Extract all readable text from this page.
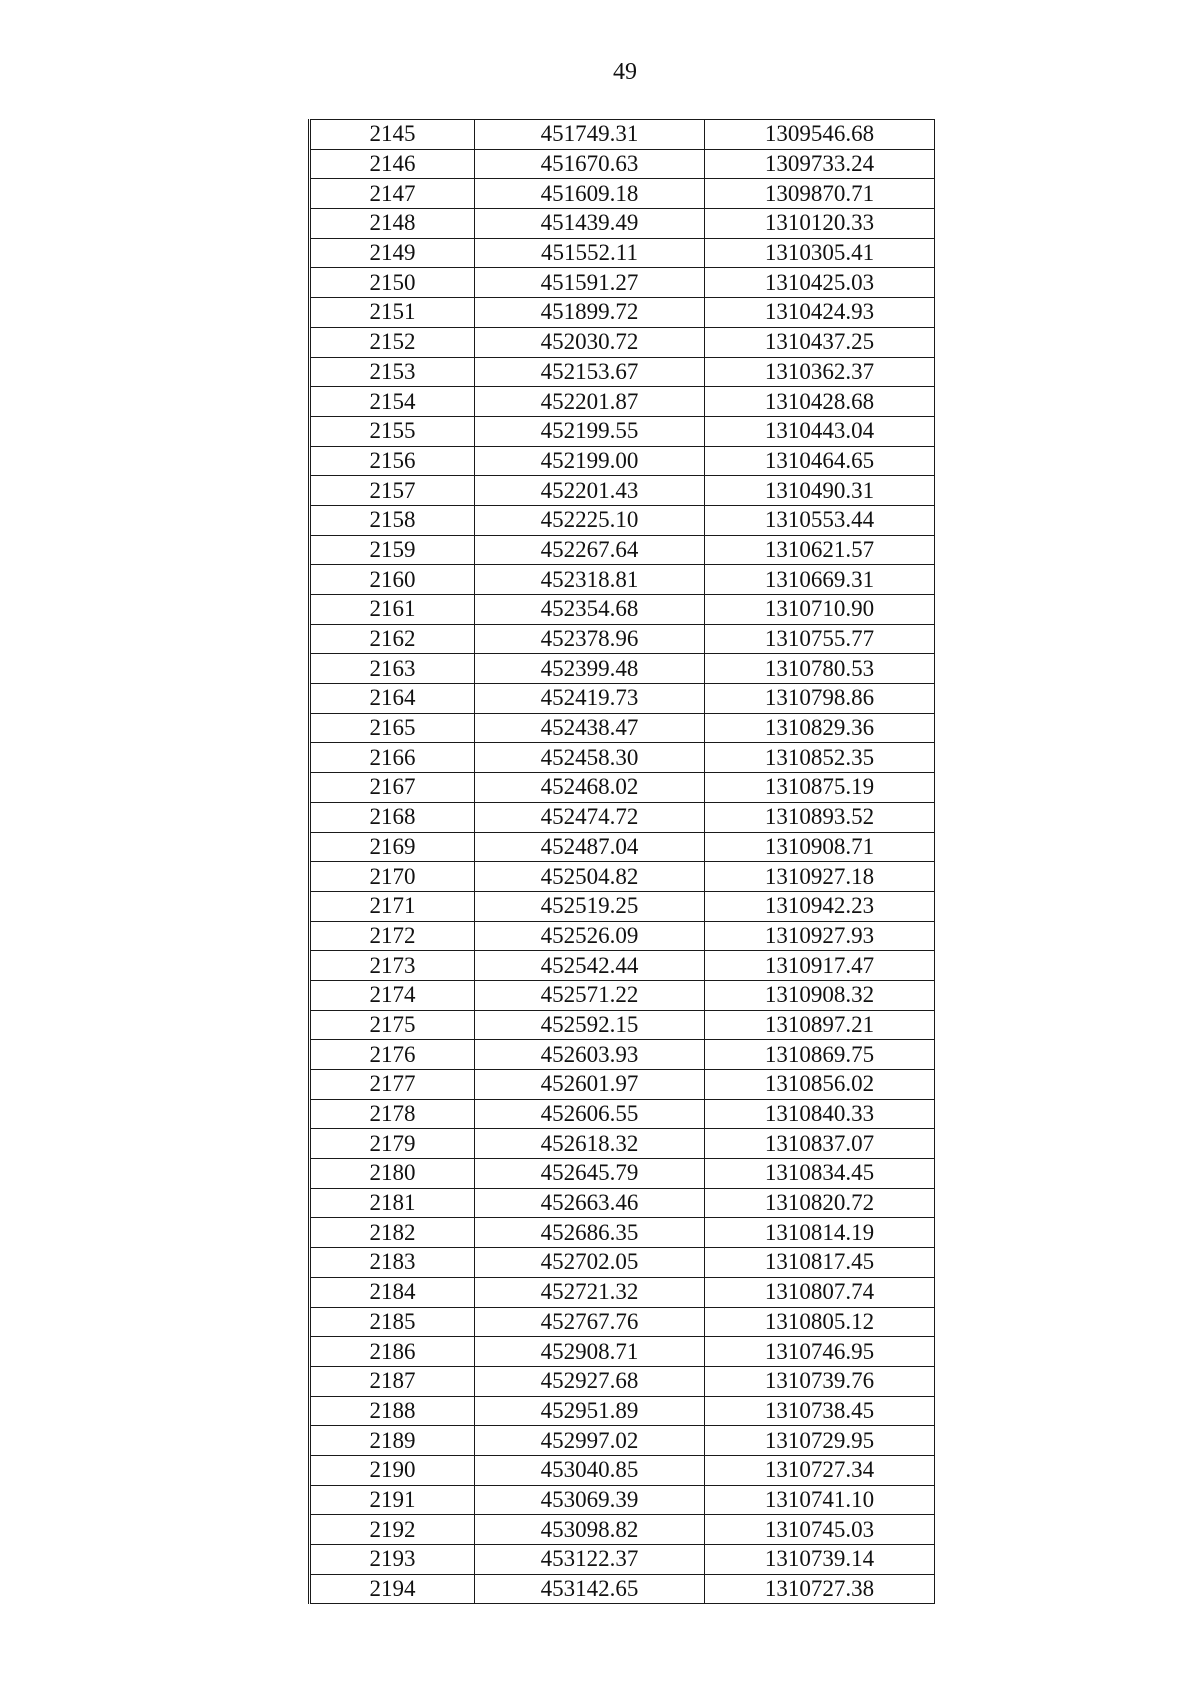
49
2145	451749.31	1309546.68
2146	451670.63	1309733.24
2147	451609.18	1309870.71
2148	451439.49	1310120.33
2149	451552.11	1310305.41
2150	451591.27	1310425.03
2151	451899.72	1310424.93
2152	452030.72	1310437.25
2153	452153.67	1310362.37
2154	452201.87	1310428.68
2155	452199.55	1310443.04
2156	452199.00	1310464.65
2157	452201.43	1310490.31
2158	452225.10	1310553.44
2159	452267.64	1310621.57
2160	452318.81	1310669.31
2161	452354.68	1310710.90
2162	452378.96	1310755.77
2163	452399.48	1310780.53
2164	452419.73	1310798.86
2165	452438.47	1310829.36
2166	452458.30	1310852.35
2167	452468.02	1310875.19
2168	452474.72	1310893.52
2169	452487.04	1310908.71
2170	452504.82	1310927.18
2171	452519.25	1310942.23
2172	452526.09	1310927.93
2173	452542.44	1310917.47
2174	452571.22	1310908.32
2175	452592.15	1310897.21
2176	452603.93	1310869.75
2177	452601.97	1310856.02
2178	452606.55	1310840.33
2179	452618.32	1310837.07
2180	452645.79	1310834.45
2181	452663.46	1310820.72
2182	452686.35	1310814.19
2183	452702.05	1310817.45
2184	452721.32	1310807.74
2185	452767.76	1310805.12
2186	452908.71	1310746.95
2187	452927.68	1310739.76
2188	452951.89	1310738.45
2189	452997.02	1310729.95
2190	453040.85	1310727.34
2191	453069.39	1310741.10
2192	453098.82	1310745.03
2193	453122.37	1310739.14
2194	453142.65	1310727.38
